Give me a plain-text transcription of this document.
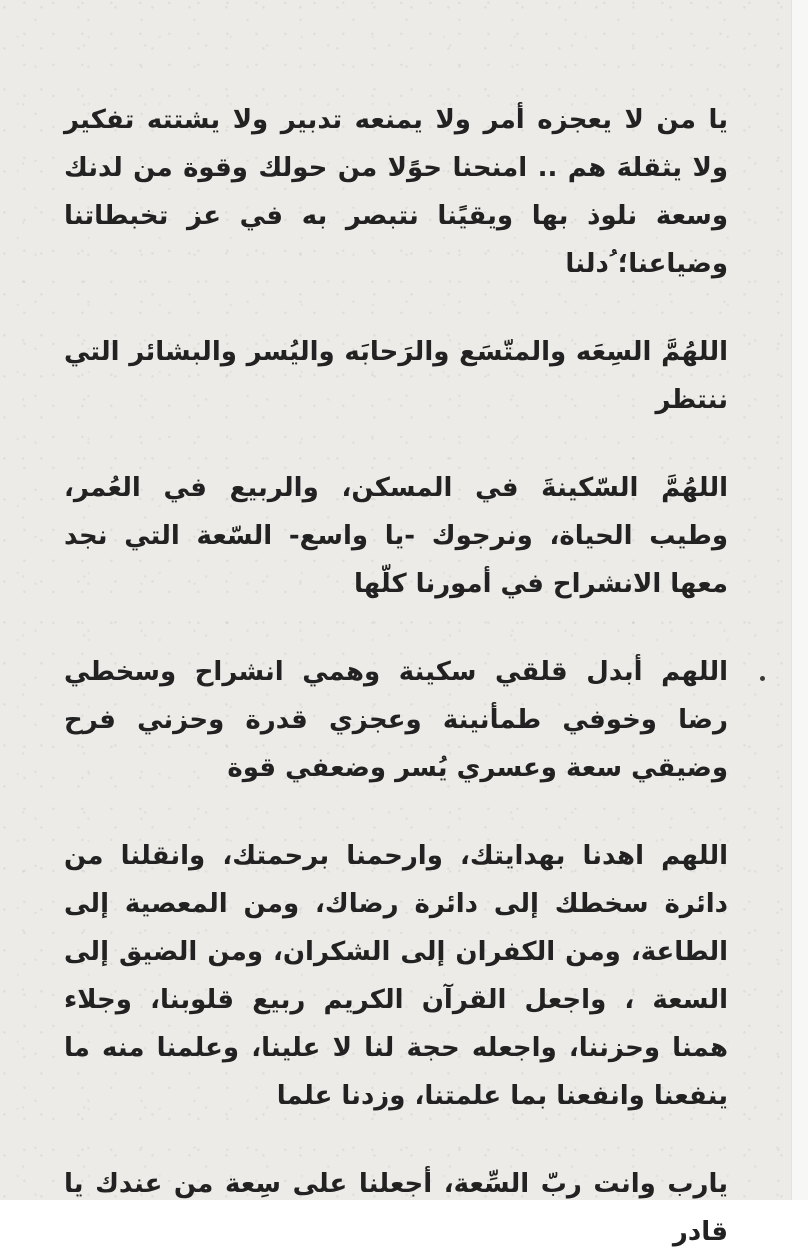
يا من لا يعجزه أمر ولا يمنعه تدبير ولا يشتته تفكير ولا يثقلهَ هم .. امنحنا حوًلا من حولك وقوة من لدنك وسعة نلوذ بها ويقيًنا نتبصر به في عز تخبطاتنا وضياعنا؛ ُدلنا

اللهُمَّ السِعَه والمتّسَع والرَحابَه واليُسر والبشائر التي ننتظر

اللهُمَّ السّكينةَ في المسكن، والربيع في العُمر، وطيب الحياة، ونرجوك -يا واسع- السّعة التي نجد معها الانشراح في أمورنا كلّها

اللهم أبدل قلقي سكينة وهمي انشراح وسخطي رضا وخوفي طمأنينة وعجزي قدرة وحزني فرح وضيقي سعة وعسري يُسر وضعفي قوة

اللهم اهدنا بهدايتك، وارحمنا برحمتك، وانقلنا من دائرة سخطك إلى دائرة رضاك، ومن المعصية إلى الطاعة، ومن الكفران إلى الشكران، ومن الضيق إلى السعة ، واجعل القرآن الكريم ربيع قلوبنا، وجلاء همنا وحزننا، واجعله حجة لنا لا علينا، وعلمنا منه ما ينفعنا وانفعنا بما علمتنا، وزدنا علما

يارب وانت ربّ السِّعة، أجعلنا على سِعة من عندك يا قادر
